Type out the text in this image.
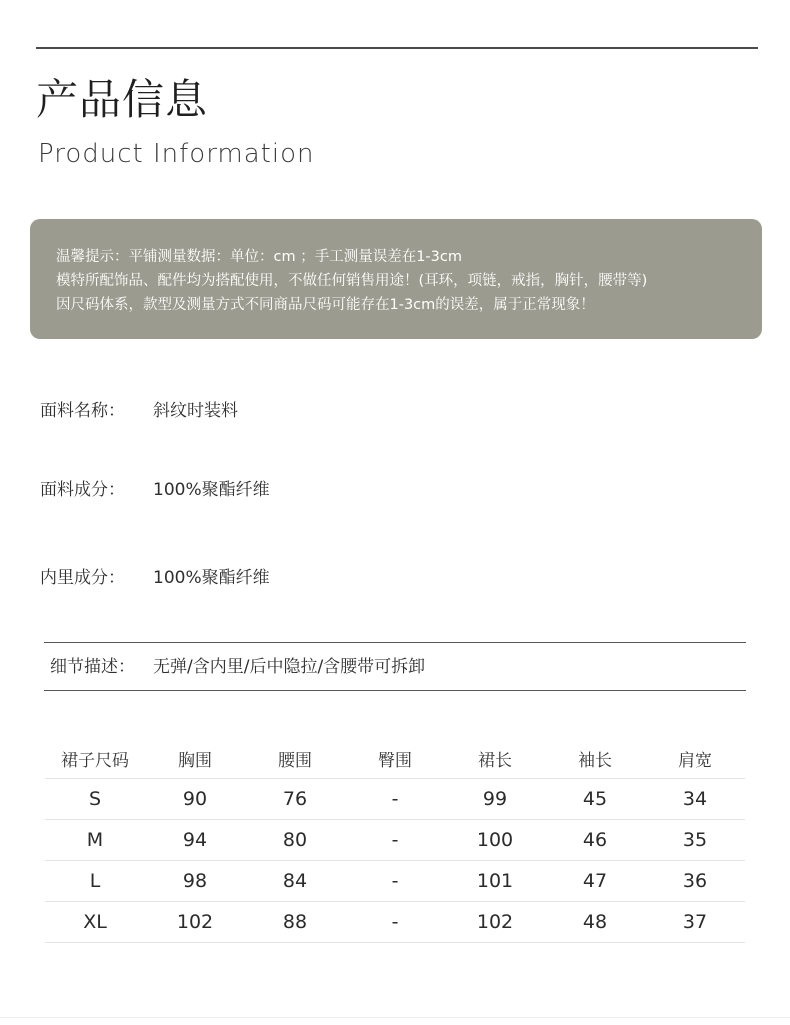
产品信息
Product Information
温馨提示：平铺测量数据：单位：cm ；手工测量误差在1-3cm
模特所配饰品、配件均为搭配使用，不做任何销售用途！(耳环，项链，戒指，胸针，腰带等)
因尺码体系，款型及测量方式不同商品尺码可能存在1-3cm的误差，属于正常现象！
面料名称： 斜纹时装料
面料成分： 100%聚酯纤维
内里成分： 100%聚酯纤维
细节描述： 无弹/含内里/后中隐拉/含腰带可拆卸
裙子尺码	胸围	腰围	臀围	裙长	袖长	肩宽
S	90	76	-	99	45	34
M	94	80	-	100	46	35
L	98	84	-	101	47	36
XL	102	88	-	102	48	37
